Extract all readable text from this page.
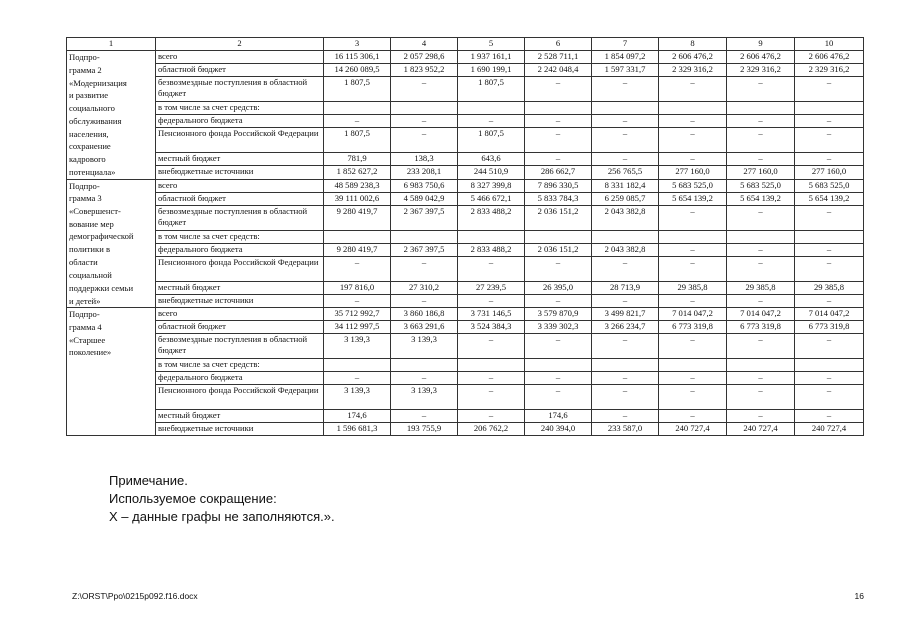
1	2	3	4	5	6	7	8	9	10

Подпро-	всего	16 115 306,1	2 057 298,6	1 937 161,1	2 528 711,1	1 854 097,2	2 606 476,2	2 606 476,2	2 606 476,2

грамма 2	областной бюджет	14 260 089,5	1 823 952,2	1 690 199,1	2 242 048,4	1 597 331,7	2 329 316,2	2 329 316,2	2 329 316,2

«Модернизация
и развитие	безвозмездные поступления в областной бюджет	1 807,5	–	1 807,5	–	–	–	–	–

социального	в том числе за счет средств:								

обслуживания	федерального бюджета	–	–	–	–	–	–	–	–

населения,
сохранение	Пенсионного фонда Российской Федерации	1 807,5	–	1 807,5	–	–	–	–	–

кадрового	местный бюджет	781,9	138,3	643,6	–	–	–	–	–

потенциала»	внебюджетные источники	1 852 627,2	233 208,1	244 510,9	286 662,7	256 765,5	277 160,0	277 160,0	277 160,0

Подпро-	всего	48 589 238,3	6 983 750,6	8 327 399,8	7 896 330,5	8 331 182,4	5 683 525,0	5 683 525,0	5 683 525,0

грамма 3	областной бюджет	39 111 002,6	4 589 042,9	5 466 672,1	5 833 784,3	6 259 085,7	5 654 139,2	5 654 139,2	5 654 139,2

«Совершенст-
вование мер	безвозмездные поступления в областной бюджет	9 280 419,7	2 367 397,5	2 833 488,2	2 036 151,2	2 043 382,8	–	–	–

демографической	в том числе за счет средств:								

политики в	федерального бюджета	9 280 419,7	2 367 397,5	2 833 488,2	2 036 151,2	2 043 382,8	–	–	–

области
социальной	Пенсионного фонда Российской Федерации	–	–	–	–	–	–	–	–

поддержки семьи	местный бюджет	197 816,0	27 310,2	27 239,5	26 395,0	28 713,9	29 385,8	29 385,8	29 385,8

и детей»	внебюджетные источники	–	–	–	–	–	–	–	–

Подпро-	всего	35 712 992,7	3 860 186,8	3 731 146,5	3 579 870,9	3 499 821,7	7 014 047,2	7 014 047,2	7 014 047,2

грамма 4	областной бюджет	34 112 997,5	3 663 291,6	3 524 384,3	3 339 302,3	3 266 234,7	6 773 319,8	6 773 319,8	6 773 319,8

«Старшее
поколение»	безвозмездные поступления в областной бюджет	3 139,3	3 139,3	–	–	–	–	–	–
	в том числе за счет средств:								
	федерального бюджета	–	–	–	–	–	–	–	–
	Пенсионного фонда Российской Федерации	3 139,3	3 139,3	–	–	–	–	–	–
	местный бюджет	174,6	–	–	174,6	–	–	–	–
	внебюджетные источники	1 596 681,3	193 755,9	206 762,2	240 394,0	233 587,0	240 727,4	240 727,4	240 727,4
Примечание.
Используемое сокращение:
X – данные графы не заполняются.».
Z:\ORST\Ppo\0215p092.f16.docx	16
